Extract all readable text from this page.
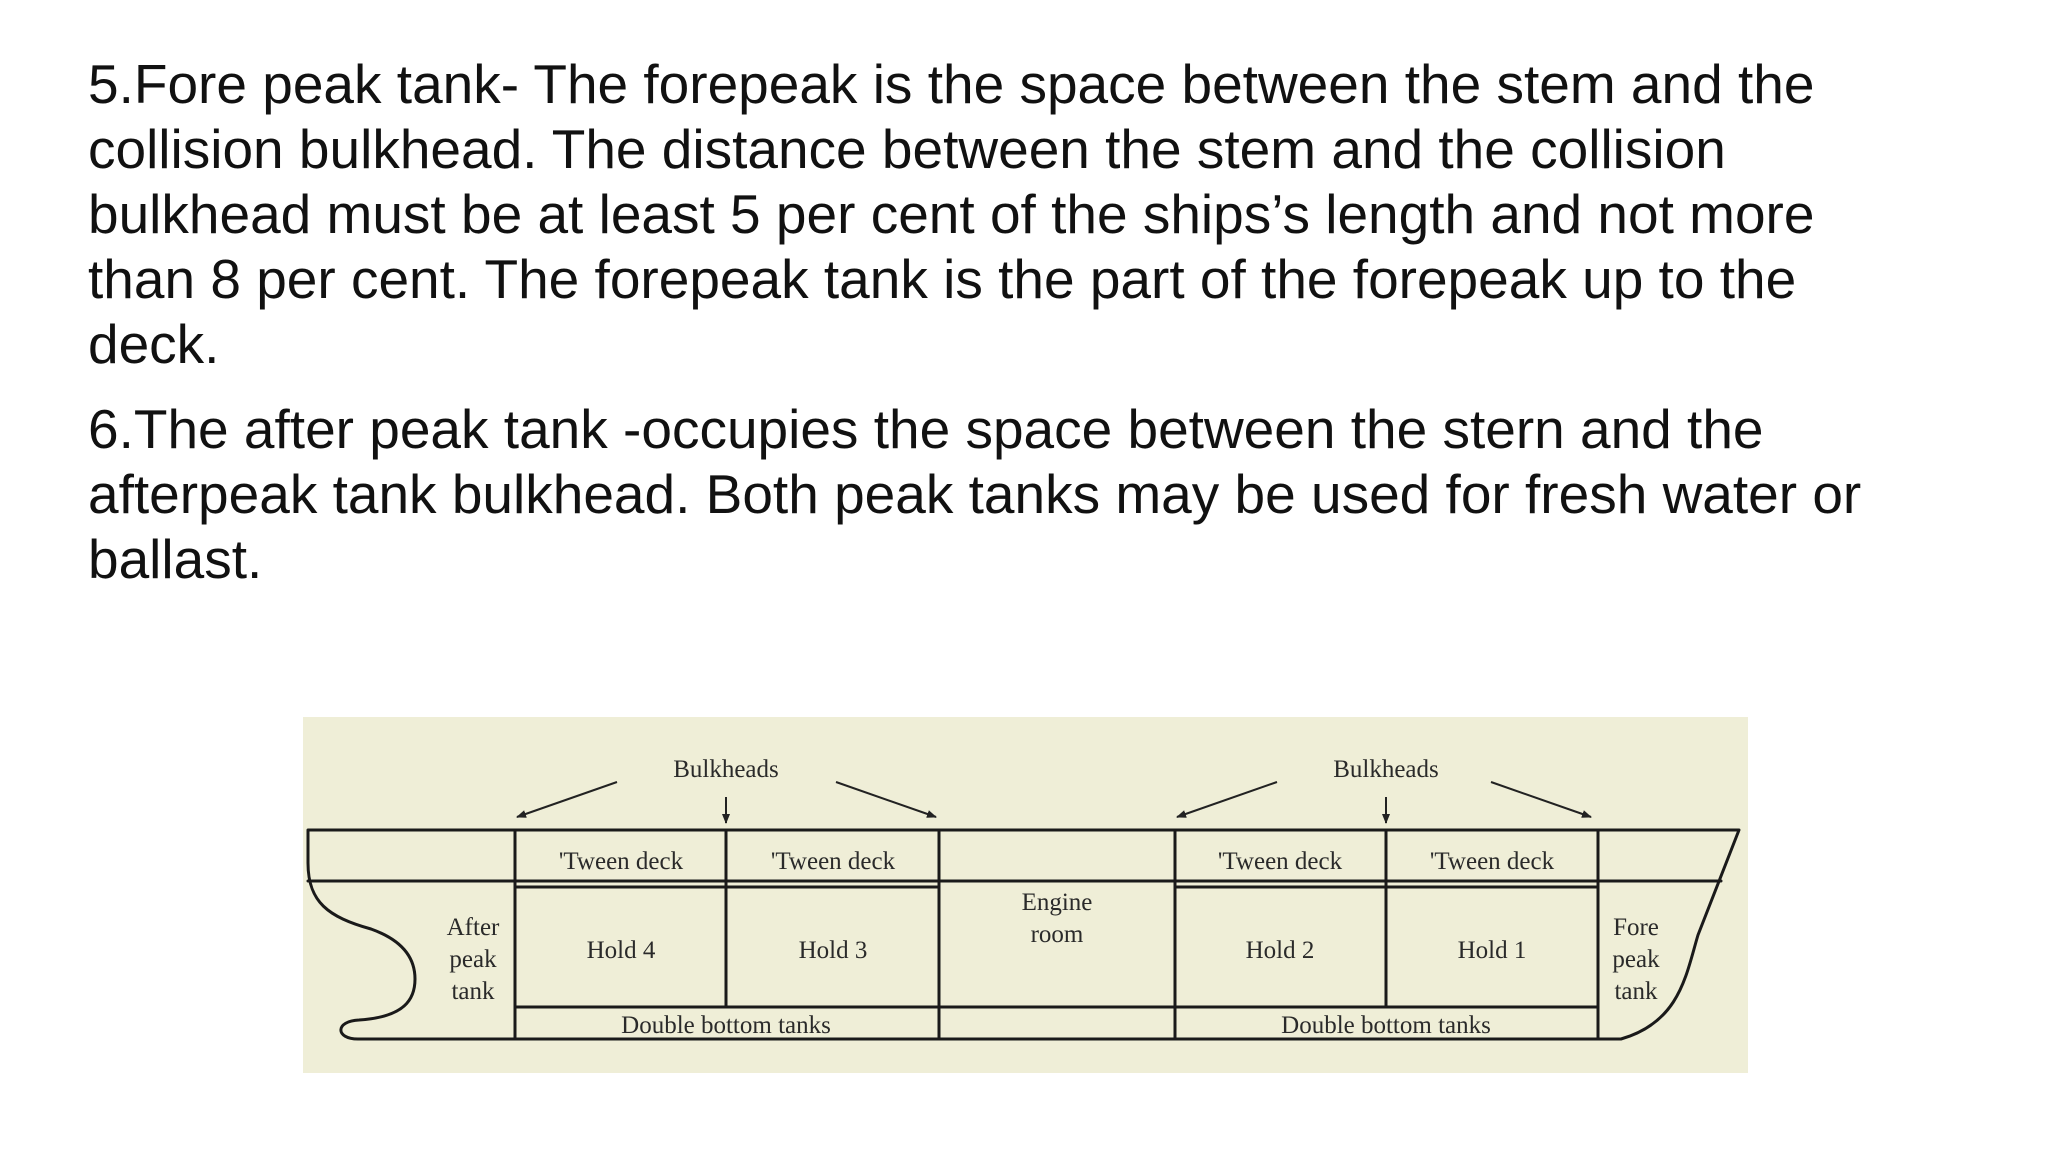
5.Fore peak tank- The forepeak is the space between the stem and the
collision bulkhead. The distance between the stem and the collision
bulkhead must be at least 5 per cent of the ships’s length and not more
than 8 per cent. The forepeak tank is the part of the forepeak up to the
deck.

6.The after peak tank -occupies the space between the stern and the
afterpeak tank bulkhead. Both peak tanks may be used for fresh water or
ballast.

Bulkheads	Bulkheads
'Tween deck	'Tween deck	'Tween deck	'Tween deck
After
peak
tank
Hold 4	Hold 3
Engine
room
Hold 2	Hold 1
Fore
peak
tank
Double bottom tanks	Double bottom tanks
